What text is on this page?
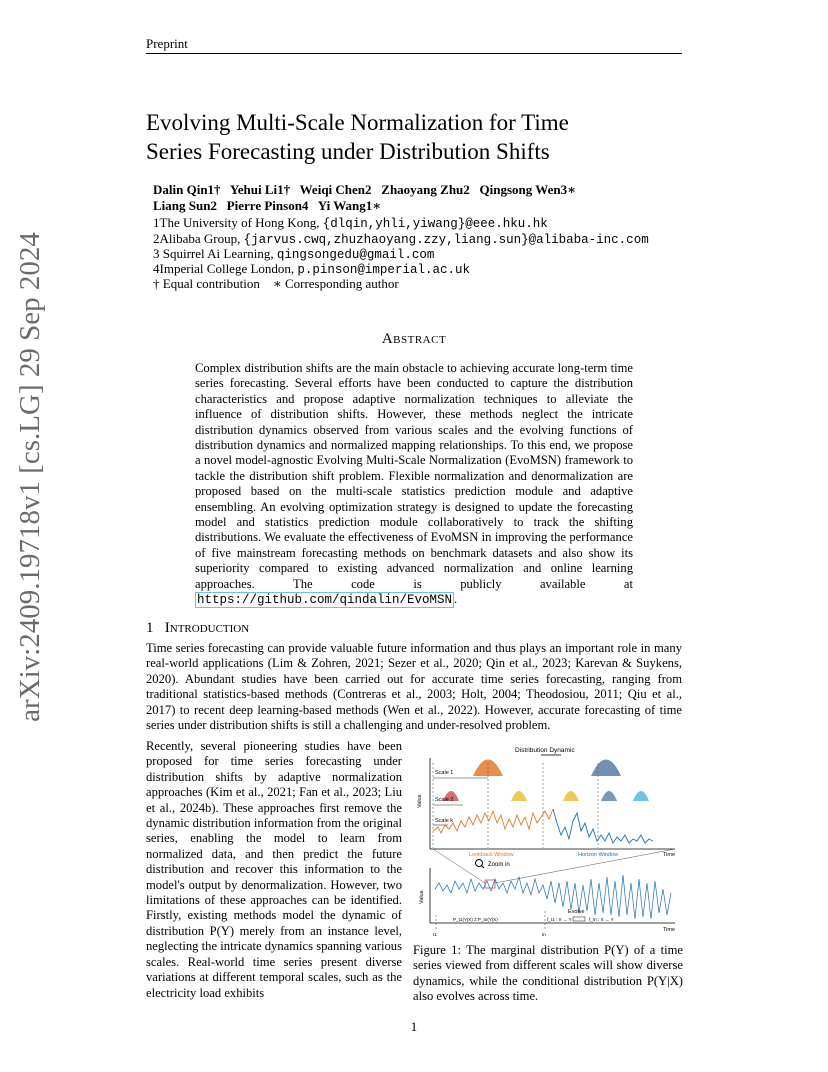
Preprint
arXiv:2409.19718v1 [cs.LG] 29 Sep 2024
Evolving Multi-Scale Normalization for Time
Series Forecasting under Distribution Shifts
Dalin Qin1†   Yehui Li1†   Weiqi Chen2   Zhaoyang Zhu2   Qingsong Wen3∗
Liang Sun2   Pierre Pinson4   Yi Wang1∗
1The University of Hong Kong, {dlqin,yhli,yiwang}@eee.hku.hk
2Alibaba Group, {jarvus.cwq,zhuzhaoyang.zzy,liang.sun}@alibaba-inc.com
3 Squirrel Ai Learning, qingsongedu@gmail.com
4Imperial College London, p.pinson@imperial.ac.uk
† Equal contribution    ∗ Corresponding author
Abstract
Complex distribution shifts are the main obstacle to achieving accurate long-term time series forecasting. Several efforts have been conducted to capture the distribution characteristics and propose adaptive normalization techniques to alleviate the influence of distribution shifts. However, these methods neglect the intricate distribution dynamics observed from various scales and the evolving functions of distribution dynamics and normalized mapping relationships. To this end, we propose a novel model-agnostic Evolving Multi-Scale Normalization (EvoMSN) framework to tackle the distribution shift problem. Flexible normalization and denormalization are proposed based on the multi-scale statistics prediction module and adaptive ensembling. An evolving optimization strategy is designed to update the forecasting model and statistics prediction module collaboratively to track the shifting distributions. We evaluate the effectiveness of EvoMSN in improving the performance of five mainstream forecasting methods on benchmark datasets and also show its superiority compared to existing advanced normalization and online learning approaches. The code is publicly available at https://github.com/qindalin/EvoMSN .
1   Introduction
Time series forecasting can provide valuable future information and thus plays an important role in many real-world applications (Lim & Zohren, 2021; Sezer et al., 2020; Qin et al., 2023; Karevan & Suykens, 2020). Abundant studies have been carried out for accurate time series forecasting, ranging from traditional statistics-based methods (Contreras et al., 2003; Holt, 2004; Theodosiou, 2011; Qiu et al., 2017) to recent deep learning-based methods (Wen et al., 2022). However, accurate forecasting of time series under distribution shifts is still a challenging and under-resolved problem.
Recently, several pioneering studies have been proposed for time series forecasting under distribution shifts by adaptive normalization approaches (Kim et al., 2021; Fan et al., 2023; Liu et al., 2024b). These approaches first remove the dynamic distribution information from the original series, enabling the model to learn from normalized data, and then predict the future distribution and recover this information to the model's output by denormalization. However, two limitations of these approaches can be identified. Firstly, existing methods model the dynamic of distribution P(Y) merely from an instance level, neglecting the intricate dynamics spanning various scales. Real-world time series present diverse variations at different temporal scales, such as the electricity load exhibits
Distribution Dynamic
Scale 1
Scale 2
Scale k
Value
Lookback Window	Horizon Window	Time
Zoom in
Value
P_t1(Y|X) ≠ P_tn(Y|X)	f_t1 : X → Y
Evolve
f_tn : X → Y
Time
t1	tn
Figure 1: The marginal distribution P(Y) of a time series viewed from different scales will show diverse dynamics, while the conditional distribution P(Y|X) also evolves across time.
1
